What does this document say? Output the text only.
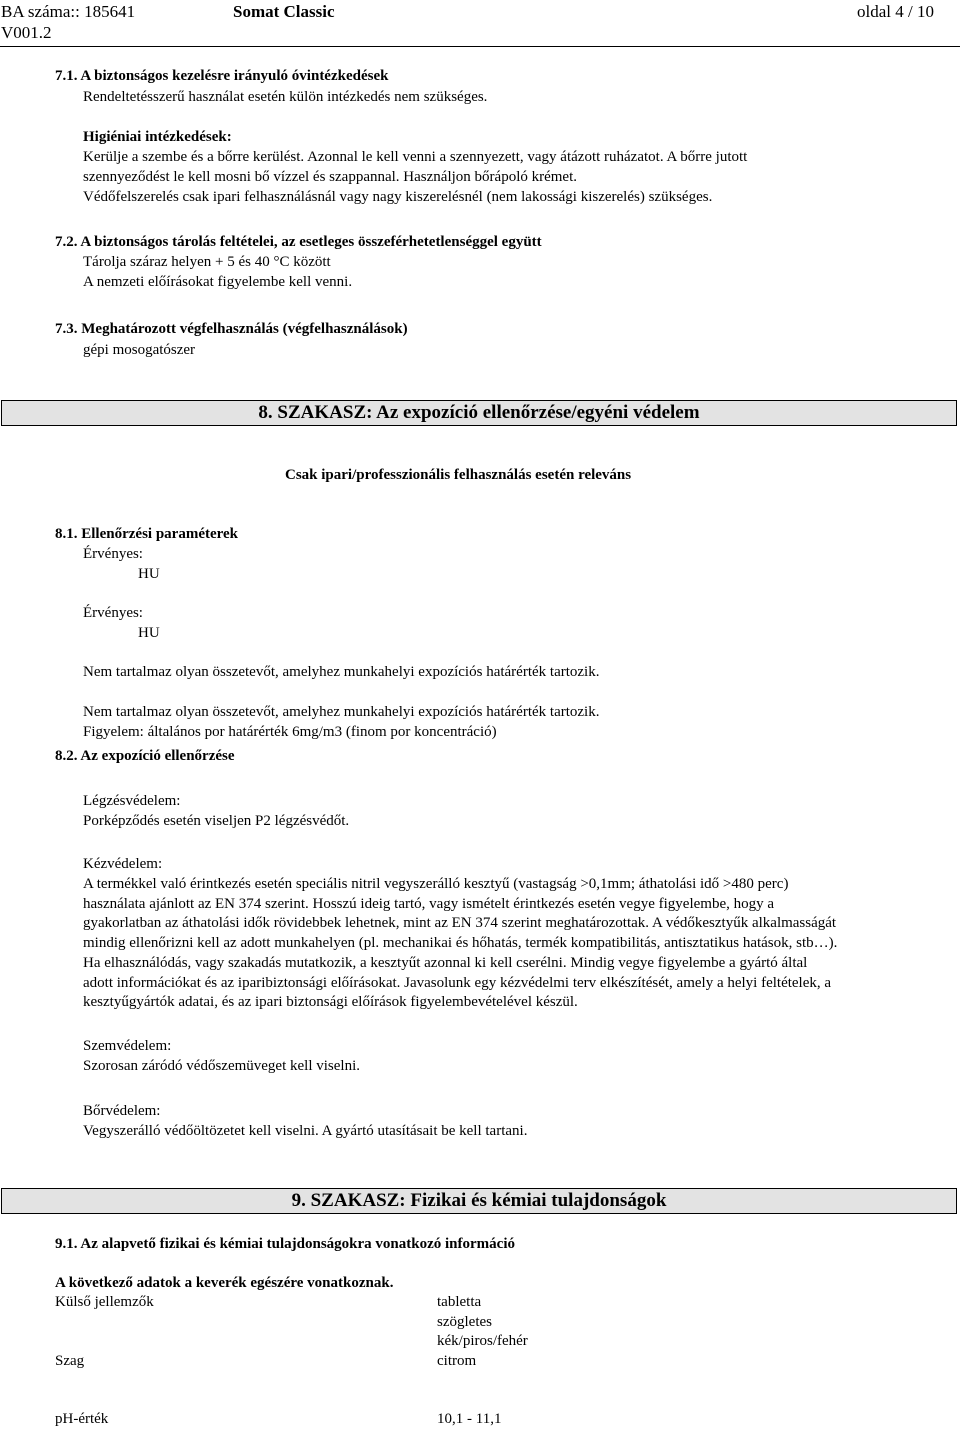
BA száma:: 185641	Somat Classic	oldal 4 / 10
V001.2
7.1. A biztonságos kezelésre irányuló óvintézkedések
Rendeltetésszerű használat esetén külön intézkedés nem szükséges.
Higiéniai intézkedések:
Kerülje a szembe és a bőrre kerülést. Azonnal le kell venni a szennyezett, vagy átázott ruházatot. A bőrre jutott
szennyeződést le kell mosni bő vízzel és szappannal. Használjon bőrápoló krémet.
Védőfelszerelés csak ipari felhasználásnál vagy nagy kiszerelésnél (nem lakossági kiszerelés) szükséges.
7.2. A biztonságos tárolás feltételei, az esetleges összeférhetetlenséggel együtt
Tárolja száraz helyen + 5 és 40 °C között
A nemzeti előírásokat figyelembe kell venni.
7.3. Meghatározott végfelhasználás (végfelhasználások)
gépi mosogatószer
8. SZAKASZ: Az expozíció ellenőrzése/egyéni védelem
Csak ipari/professzionális felhasználás esetén releváns
8.1. Ellenőrzési paraméterek
Érvényes:
HU
Érvényes:
HU
Nem tartalmaz olyan összetevőt, amelyhez munkahelyi expozíciós határérték tartozik.
Nem tartalmaz olyan összetevőt, amelyhez munkahelyi expozíciós határérték tartozik.
Figyelem: általános por határérték 6mg/m3 (finom por koncentráció)
8.2. Az expozíció ellenőrzése
Légzésvédelem:
Porképződés esetén viseljen P2 légzésvédőt.
Kézvédelem:
A termékkel való érintkezés esetén speciális nitril vegyszerálló kesztyű (vastagság >0,1mm; áthatolási idő >480 perc)
használata ajánlott az EN 374 szerint. Hosszú ideig tartó, vagy ismételt érintkezés esetén vegye figyelembe, hogy a
gyakorlatban az áthatolási idők rövidebbek lehetnek, mint az EN 374 szerint meghatározottak. A védőkesztyűk alkalmasságát
mindig ellenőrizni kell az adott munkahelyen (pl. mechanikai és hőhatás, termék kompatibilitás, antisztatikus hatások, stb…).
Ha elhasználódás, vagy szakadás mutatkozik, a kesztyűt azonnal ki kell cserélni. Mindig vegye figyelembe a gyártó által
adott információkat és az iparibiztonsági előírásokat. Javasolunk egy kézvédelmi terv elkészítését, amely a helyi feltételek, a
kesztyűgyártók adatai, és az ipari biztonsági előírások figyelembevételével készül.
Szemvédelem:
Szorosan záródó védőszemüveget kell viselni.
Bőrvédelem:
Vegyszerálló védőöltözetet kell viselni. A gyártó utasításait be kell tartani.
9. SZAKASZ: Fizikai és kémiai tulajdonságok
9.1. Az alapvető fizikai és kémiai tulajdonságokra vonatkozó információ
A következő adatok a keverék egészére vonatkoznak.
Külső jellemzők	tabletta
szögletes
kék/piros/fehér
Szag	citrom
pH-érték	10,1 - 11,1
